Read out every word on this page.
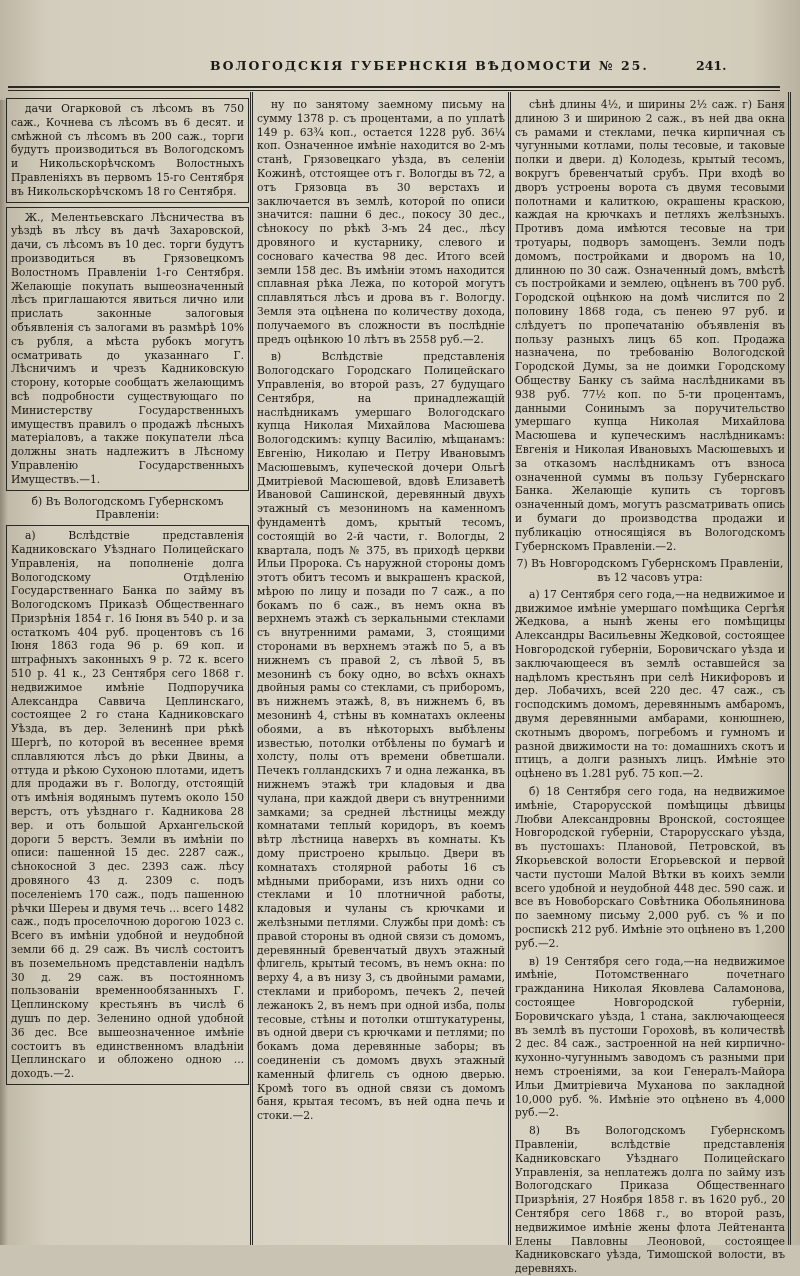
ВОЛОГОДСКІЯ ГУБЕРНСКІЯ ВѢДОМОСТИ № 25.	241.

дачи Огарковой съ лѣсомъ въ 750 саж., Кочнева съ лѣсомъ въ 6 десят. и смѣжной съ лѣсомъ въ 200 саж., торги будутъ производиться въ Вологодскомъ и Никольскорѣчскомъ Волостныхъ Правленіяхъ въ первомъ 15-го Сентября въ Никольскорѣчскомъ 18 го Сентября.

Ж., Мелентьевскаго Лѣсничества въ уѣздѣ въ лѣсу въ дачѣ Захаровской, дачи, съ лѣсомъ въ 10 дес. торги будутъ производиться въ Грязовецкомъ Волостномъ Правленіи 1-го Сентября. Желающіе покупать вышеозначенный лѣсъ приглашаются явиться лично или прислать законные залоговыя объявленія съ залогами въ размѣрѣ 10% съ рубля, а мѣста рубокъ могутъ осматривать до указаннаго Г. Лѣсничимъ и чрезъ Кадниковскую сторону, которые сообщатъ желающимъ всѣ подробности существующаго по Министерству Государственныхъ имуществъ правилъ о продажѣ лѣсныхъ матеріаловъ, а также покупатели лѣса должны знать надлежитъ в Лѣсному Управленію Государственныхъ Имуществъ.—1.

б) Въ Вологодскомъ Губернскомъ Правленіи:

а) Вслѣдствіе представленія Кадниковскаго Уѣзднаго Полицейскаго Управленія, на пополненіе долга Вологодскому Отдѣленію Государственнаго Банка по займу въ Вологодскомъ Приказѣ Общественнаго Призрѣнія 1854 г. 16 Іюня въ 540 р. и за остаткомъ 404 руб. процентовъ съ 16 Іюня 1863 года 96 р. 69 коп. и штрафныхъ законныхъ 9 р. 72 к. всего 510 р. 41 к., 23 Сентября сего 1868 г. недвижимое имѣніе Подпоручика Александра Саввича Цеплинскаго, состоящее 2 го стана Кадниковскаго Уѣзда, въ дер. Зеленинѣ при рѣкѣ Шергѣ, по которой въ весеннее время сплавляются лѣсъ до рѣки Двины, а оттуда и рѣкою Сухоною плотами, идетъ для продажи въ г. Вологду, отстоящій отъ имѣнія водянымъ путемъ около 150 верстъ, отъ уѣзднаго г. Кадникова 28 вер. и отъ большой Архангельской дороги 5 верстъ. Земли въ имѣніи по описи: пашенной 15 дес. 2287 саж., сѣнокосной 3 дес. 2393 саж. лѣсу дровяного 43 д. 2309 с. подъ поселеніемъ 170 саж., подъ пашенною рѣчки Шереы и двумя течь ... всего 1482 саж., подъ проселочною дорогою 1023 с. Всего въ имѣніи удобной и неудобной земли 66 д. 29 саж. Въ числѣ состоитъ въ поземельномъ представленіи надѣлъ 30 д. 29 саж. въ постоянномъ пользованіи временнообязанныхъ Г. Цеплинскому крестьянъ въ числѣ 6 душъ по дер. Зеленино одной удобной 36 дес. Все вышеозначенное имѣніе состоитъ въ единственномъ владѣніи Цеплинскаго и обложено одною ... доходъ.—2.

ну по занятому заемному письму на сумму 1378 р. съ процентами, а по уплатѣ 149 р. 63¾ коп., остается 1228 руб. 36¼ коп. Означенное имѣніе находится во 2-мъ станѣ, Грязовецкаго уѣзда, въ селеніи Кожинѣ, отстоящее отъ г. Вологды въ 72, а отъ Грязовца въ 30 верстахъ и заключается въ землѣ, которой по описи значится: пашни 6 дес., покосу 30 дес., сѣнокосу по рѣкѣ 3-мъ 24 дес., лѣсу дровяного и кустарнику, слевого и сосновагo качества 98 дес. Итого всей земли 158 дес. Въ имѣніи этомъ находится сплавная рѣка Лежа, по которой могутъ сплавляться лѣсъ и дрова въ г. Вологду. Земля эта оцѣнена по количеству дохода, получаемого въ сложности въ послѣдніе предъ оцѣнкою 10 лѣтъ въ 2558 руб.—2.

в) Вслѣдствіе представленія Вологодскаго Городскаго Полицейскаго Управленія, во второй разъ, 27 будущаго Сентября, на принадлежащій наслѣдникамъ умершаго Вологодскаго купца Николая Михайлова Масюшева Вологодскимъ: купцу Василію, мѣщанамъ: Евгенію, Николаю и Петру Ивановымъ Масюшевымъ, купеческой дочери Ольгѣ Дмитріевой Масюшевой, вдовѣ Елизаветѣ Ивановой Сашинской, деревянный двухъ этажный съ мезониномъ на каменномъ фундаментѣ домъ, крытый тесомъ, состоящій во 2-й части, г. Вологды, 2 квартала, подъ № 375, въ приходѣ церкви Ильи Пророка. Съ наружной стороны домъ этотъ обитъ тесомъ и выкрашенъ краской, мѣрою по лицу и позади по 7 саж., а по бокамъ по 6 саж., въ немъ окна въ верхнемъ этажѣ съ зеркальными стеклами съ внутренними рамами, 3, стоящими сторонами въ верхнемъ этажѣ по 5, а въ нижнемъ съ правой 2, съ лѣвой 5, въ мезонинѣ съ боку одно, во всѣхъ окнахъ двойныя рамы со стеклами, съ приборомъ, въ нижнемъ этажѣ, 8, въ нижнемъ 6, въ мезонинѣ 4, стѣны въ комнатахъ оклеены обоями, а въ нѣкоторыхъ выбѣлены известью, потолки отбѣлены по бумагѣ и холсту, полы отъ времени обветшали. Печекъ голландскихъ 7 и одна лежанка, въ нижнемъ этажѣ три кладовыя и два чулана, при каждой двери съ внутренними замками; за средней лѣстницы между комнатами теплый коридоръ, въ коемъ вѣтр лѣстница наверхъ въ комнаты. Къ дому пристроено крыльцо. Двери въ комнатахъ столярной работы 16 съ мѣдными приборами, изъ нихъ одни со стеклами и 10 плотничной работы, кладовыя и чуланы съ крючками и желѣзными петлями. Службы при домѣ: съ правой стороны въ одной связи съ домомъ, деревянный бревенчатый двухъ этажный флигель, крытый тесомъ, въ немъ окна: по верху 4, а въ низу 3, съ двойными рамами, стеклами и приборомъ, печекъ 2, печей лежанокъ 2, въ немъ при одной изба, полы тесовые, стѣны и потолки отштукатурены, въ одной двери съ крючками и петлями; по бокамъ дома деревянные заборы; въ соединеніи съ домомъ двухъ этажный каменный флигель съ одною дверью. Кромѣ того въ одной связи съ домомъ баня, крытая тесомъ, въ ней одна печь и стоки.—2.

сѣнѣ длины 4½, и ширины 2½ саж. г) Баня длиною 3 и шириною 2 саж., въ ней два окна съ рамами и стеклами, печка кирпичная съ чугунными котлами, полы тесовые, и таковые полки и двери. д) Колодезь, крытый тесомъ, вокругъ бревенчатый срубъ. При входѣ во дворъ устроены ворота съ двумя тесовыми полотнами и калиткою, окрашены краскою, каждая на крючкахъ и петляхъ желѣзныхъ. Противъ дома имѣются тесовые на три тротуары, подворъ замощенъ. Земли подъ домомъ, постройками и дворомъ на 10, длинною по 30 саж. Означенный домъ, вмѣстѣ съ постройками и землею, оцѣненъ въ 700 руб. Городской оцѣнкою на домѣ числится по 2 половину 1868 года, съ пенею 97 руб. и слѣдуетъ по пропечатанію объявленія въ пользу разныхъ лицъ 65 коп. Продажа назначена, по требованію Вологодской Городской Думы, за не доимки Городскому Обществу Банку съ займа наслѣдниками въ 938 руб. 77½ коп. по 5-ти процентамъ, данными Сонинымъ за поручительство умершаго купца Николая Михайлова Масюшева и купеческимъ наслѣдникамъ: Евгенія и Николая Ивановыхъ Масюшевыхъ и за отказомъ наслѣдникамъ отъ взноса означенной суммы въ пользу Губернскаго Банка. Желающіе купить съ торговъ означенный домъ, могутъ разсматривать опись и бумаги до производства продажи и публикацію относящіяся въ Вологодскомъ Губернскомъ Правленіи.—2.

7) Въ Новгородскомъ Губернскомъ Правленіи, въ 12 часовъ утра:

а) 17 Сентября сего года,—на недвижимое и движимое имѣніе умершаго помѣщика Сергѣя Жедкова, а нынѣ жены его помѣщицы Александры Васильевны Жедковой, состоящее Новгородской губерніи, Боровичскаго уѣзда и заключающееся въ землѣ оставшейся за надѣломъ крестьянъ при селѣ Никифоровъ и дер. Лобачихъ, всей 220 дес. 47 саж., съ господскимъ домомъ, деревяннымъ амбаромъ, двумя деревянными амбарами, конюшнею, скотнымъ дворомъ, погребомъ и гумномъ и разной движимости на то: домашнихъ скотъ и птицъ, а долги разныхъ лицъ. Имѣніе это оцѣнено въ 1.281 руб. 75 коп.—2.

б) 18 Сентября сего года, на недвижимое имѣніе, Старорусской помѣщицы дѣвицы Любви Александровны Вронской, состоящее Новгородской губерніи, Старорусскаго уѣзда, въ пустошахъ: Плановой, Петровской, въ Якорьевской волости Егорьевской и первой части пустоши Малой Вѣтки въ коихъ земли всего удобной и неудобной 448 дес. 590 саж. и все въ Новоборскаго Совѣтника Обольянинова по заемному письму 2,000 руб. съ % и по роспискѣ 212 руб. Имѣніе это оцѣнено въ 1,200 руб.—2.

в) 19 Сентября сего года,—на недвижимое имѣніе, Потомственнаго почетнаго гражданина Николая Яковлева Саламонова, состоящее Новгородской губерніи, Боровичскаго уѣзда, 1 стана, заключающееся въ землѣ въ пустоши Гороховѣ, въ количествѣ 2 дес. 84 саж., застроенной на ней кирпично-кухонно-чугуннымъ заводомъ съ разными при немъ строеніями, за кои Генералъ-Майора Ильи Дмитріевича Муханова по закладной 10,000 руб. %. Имѣніе это оцѣнено въ 4,000 руб.—2.

8) Въ Вологодскомъ Губернскомъ Правленіи, вслѣдствіе представленія Кадниковскаго Уѣзднаго Полицейскаго Управленія, за неплатежъ долга по займу изъ Вологодскаго Приказа Общественнаго Призрѣнія, 27 Ноября 1858 г. въ 1620 руб., 20 Сентября сего 1868 г., во второй разъ, недвижимое имѣніе жены флота Лейтенанта Елены Павловны Леоновой, состоящее Кадниковскаго уѣзда, Тимошской волости, въ деревняхъ.
